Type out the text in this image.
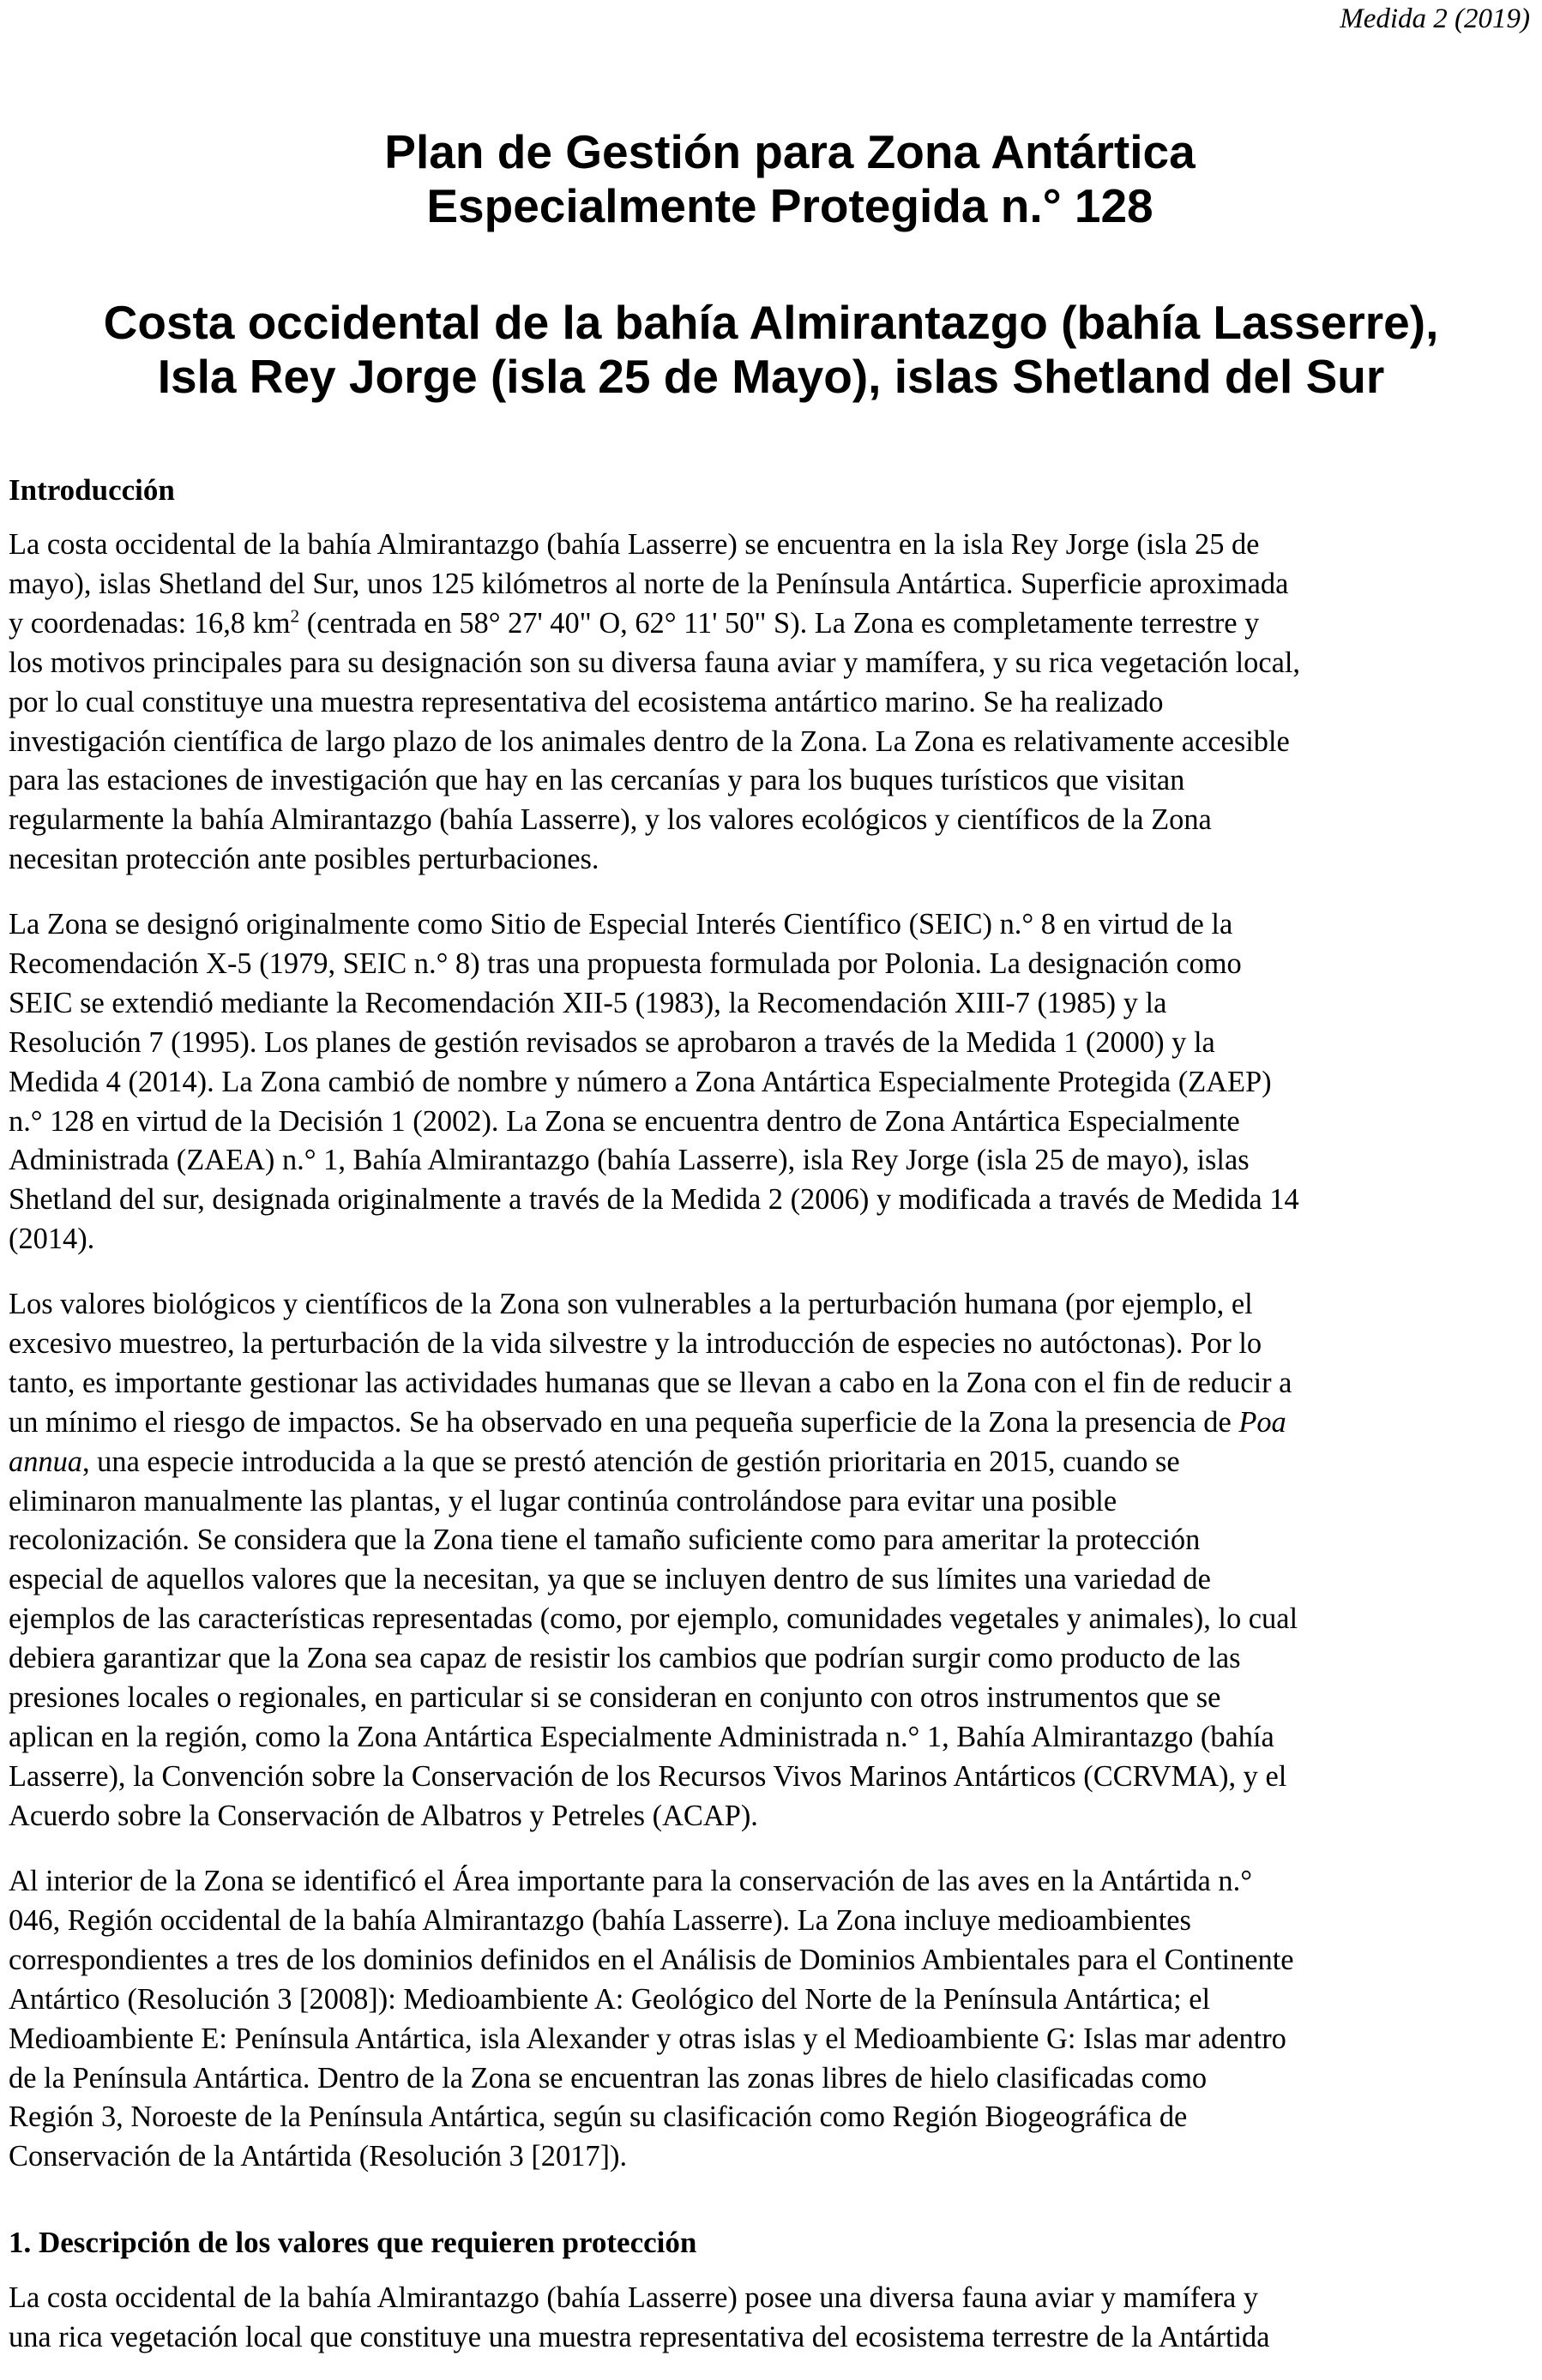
Medida 2 (2019)
Plan de Gestión para Zona Antártica
Especialmente Protegida n.° 128
Costa occidental de la bahía Almirantazgo (bahía Lasserre),
Isla Rey Jorge (isla 25 de Mayo), islas Shetland del Sur
Introducción

La costa occidental de la bahía Almirantazgo (bahía Lasserre) se encuentra en la isla Rey Jorge (isla 25 de
mayo), islas Shetland del Sur, unos 125 kilómetros al norte de la Península Antártica. Superficie aproximada
y coordenadas: 16,8 $km^2$ (centrada en 58° 27' 40" O, 62° 11' 50" S). La Zona es completamente terrestre y
los motivos principales para su designación son su diversa fauna aviar y mamífera, y su rica vegetación local,
por lo cual constituye una muestra representativa del ecosistema antártico marino. Se ha realizado
investigación científica de largo plazo de los animales dentro de la Zona. La Zona es relativamente accesible
para las estaciones de investigación que hay en las cercanías y para los buques turísticos que visitan
regularmente la bahía Almirantazgo (bahía Lasserre), y los valores ecológicos y científicos de la Zona
necesitan protección ante posibles perturbaciones.

La Zona se designó originalmente como Sitio de Especial Interés Científico (SEIC) n.° 8 en virtud de la
Recomendación X-5 (1979, SEIC n.° 8) tras una propuesta formulada por Polonia. La designación como
SEIC se extendió mediante la Recomendación XII-5 (1983), la Recomendación XIII-7 (1985) y la
Resolución 7 (1995). Los planes de gestión revisados se aprobaron a través de la Medida 1 (2000) y la
Medida 4 (2014). La Zona cambió de nombre y número a Zona Antártica Especialmente Protegida (ZAEP)
n.° 128 en virtud de la Decisión 1 (2002). La Zona se encuentra dentro de Zona Antártica Especialmente
Administrada (ZAEA) n.° 1, Bahía Almirantazgo (bahía Lasserre), isla Rey Jorge (isla 25 de mayo), islas
Shetland del sur, designada originalmente a través de la Medida 2 (2006) y modificada a través de Medida 14
(2014).

Los valores biológicos y científicos de la Zona son vulnerables a la perturbación humana (por ejemplo, el
excesivo muestreo, la perturbación de la vida silvestre y la introducción de especies no autóctonas). Por lo
tanto, es importante gestionar las actividades humanas que se llevan a cabo en la Zona con el fin de reducir a
un mínimo el riesgo de impactos. Se ha observado en una pequeña superficie de la Zona la presencia de Poa
annua, una especie introducida a la que se prestó atención de gestión prioritaria en 2015, cuando se
eliminaron manualmente las plantas, y el lugar continúa controlándose para evitar una posible
recolonización. Se considera que la Zona tiene el tamaño suficiente como para ameritar la protección
especial de aquellos valores que la necesitan, ya que se incluyen dentro de sus límites una variedad de
ejemplos de las características representadas (como, por ejemplo, comunidades vegetales y animales), lo cual
debiera garantizar que la Zona sea capaz de resistir los cambios que podrían surgir como producto de las
presiones locales o regionales, en particular si se consideran en conjunto con otros instrumentos que se
aplican en la región, como la Zona Antártica Especialmente Administrada n.° 1, Bahía Almirantazgo (bahía
Lasserre), la Convención sobre la Conservación de los Recursos Vivos Marinos Antárticos (CCRVMA), y el
Acuerdo sobre la Conservación de Albatros y Petreles (ACAP).

Al interior de la Zona se identificó el Área importante para la conservación de las aves en la Antártida n.°
046, Región occidental de la bahía Almirantazgo (bahía Lasserre). La Zona incluye medioambientes
correspondientes a tres de los dominios definidos en el Análisis de Dominios Ambientales para el Continente
Antártico (Resolución 3 [2008]): Medioambiente A: Geológico del Norte de la Península Antártica; el
Medioambiente E: Península Antártica, isla Alexander y otras islas y el Medioambiente G: Islas mar adentro
de la Península Antártica. Dentro de la Zona se encuentran las zonas libres de hielo clasificadas como
Región 3, Noroeste de la Península Antártica, según su clasificación como Región Biogeográfica de
Conservación de la Antártida (Resolución 3 [2017]).

1. Descripción de los valores que requieren protección

La costa occidental de la bahía Almirantazgo (bahía Lasserre) posee una diversa fauna aviar y mamífera y
una rica vegetación local que constituye una muestra representativa del ecosistema terrestre de la Antártida
